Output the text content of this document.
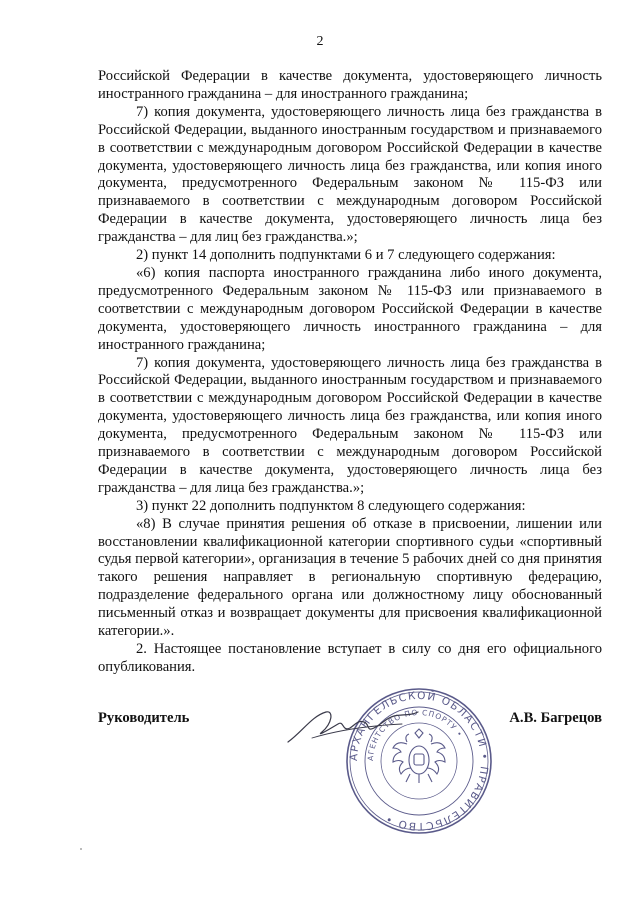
2

Российской Федерации в качестве документа, удостоверяющего личность иностранного гражданина – для иностранного гражданина;

7) копия документа, удостоверяющего личность лица без гражданства в Российской Федерации, выданного иностранным государством и признаваемого в соответствии с международным договором Российской Федерации в качестве документа, удостоверяющего личность лица без гражданства, или копия иного документа, предусмотренного Федеральным законом № 115-ФЗ или признаваемого в соответствии с международным договором Российской Федерации в качестве документа, удостоверяющего личность лица без гражданства – для лиц без гражданства.»;

2) пункт 14 дополнить подпунктами 6 и 7 следующего содержания:

«6) копия паспорта иностранного гражданина либо иного документа, предусмотренного Федеральным законом № 115-ФЗ или признаваемого в соответствии с международным договором Российской Федерации в качестве документа, удостоверяющего личность иностранного гражданина – для иностранного гражданина;

7) копия документа, удостоверяющего личность лица без гражданства в Российской Федерации, выданного иностранным государством и признаваемого в соответствии с международным договором Российской Федерации в качестве документа, удостоверяющего личность лица без гражданства, или копия иного документа, предусмотренного Федеральным законом № 115-ФЗ или признаваемого в соответствии с международным договором Российской Федерации в качестве документа, удостоверяющего личность лица без гражданства – для лица без гражданства.»;

3) пункт 22 дополнить подпунктом 8 следующего содержания:

«8) В случае принятия решения об отказе в присвоении, лишении или восстановлении квалификационной категории спортивного судьи «спортивный судья первой категории», организация в течение 5 рабочих дней со дня принятия такого решения направляет в региональную спортивную федерацию, подразделение федерального органа или должностному лицу обоснованный письменный отказ и возвращает документы для присвоения квалификационной категории.».

2. Настоящее постановление вступает в силу со дня его официального опубликования.

АРХАНГЕЛЬСКОЙ ОБЛАСТИ • ПРАВИТЕЛЬСТВО •
АГЕНТСТВО ПО СПОРТУ •
Руководитель	А.В. Багрецов
